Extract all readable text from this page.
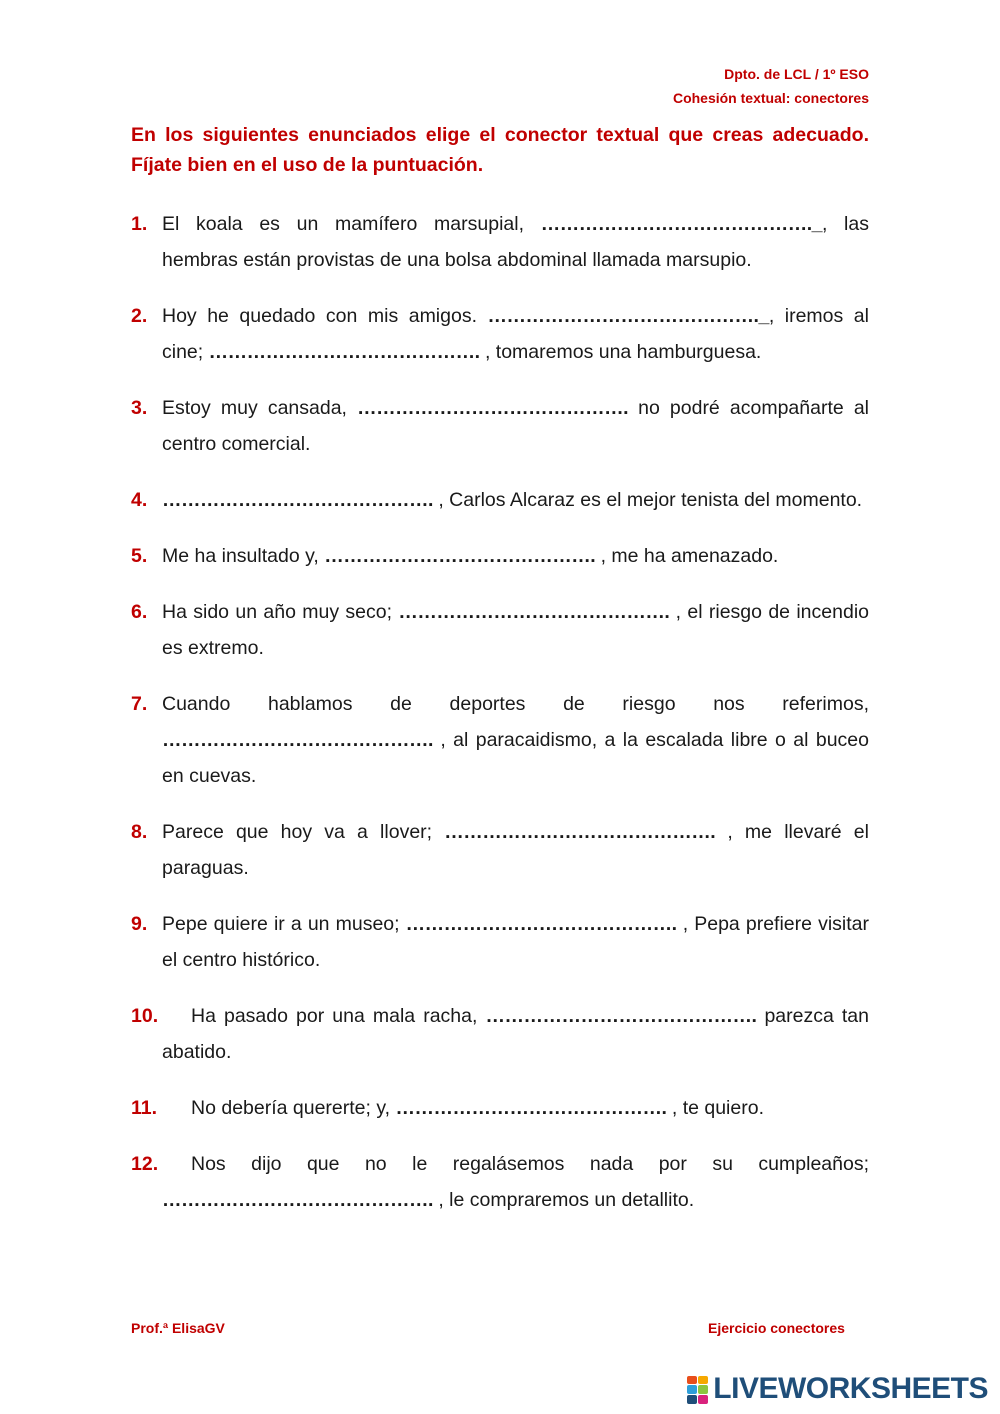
Dpto. de LCL / 1º ESO
Cohesión textual: conectores
En los siguientes enunciados elige el conector textual que creas adecuado. Fíjate bien en el uso de la puntuación.
1. El koala es un mamífero marsupial, ……………………………………._, las hembras están provistas de una bolsa abdominal llamada marsupio.
2. Hoy he quedado con mis amigos. ……………………………………._, iremos al cine; ……………………………………. , tomaremos una hamburguesa.
3. Estoy muy cansada, ……………………………………. no podré acompañarte al centro comercial.
4. ……………………………………. , Carlos Alcaraz es el mejor tenista del momento.
5. Me ha insultado y, ……………………………………. , me ha amenazado.
6. Ha sido un año muy seco; ……………………………………. , el riesgo de incendio es extremo.
7. Cuando hablamos de deportes de riesgo nos referimos, ……………………………………. , al paracaidismo, a la escalada libre o al buceo en cuevas.
8. Parece que hoy va a llover; ……………………………………. , me llevaré el paraguas.
9. Pepe quiere ir a un museo; ……………………………………. , Pepa prefiere visitar el centro histórico.
10.	Ha pasado por una mala racha, ……………………………………. parezca tan abatido.
11.	No debería quererte; y, ……………………………………. , te quiero.
12.	Nos dijo que no le regalásemos nada por su cumpleaños; ……………………………………. , le compraremos un detallito.
Prof.ª ElisaGV	Ejercicio conectores
LIVEWORKSHEETS
